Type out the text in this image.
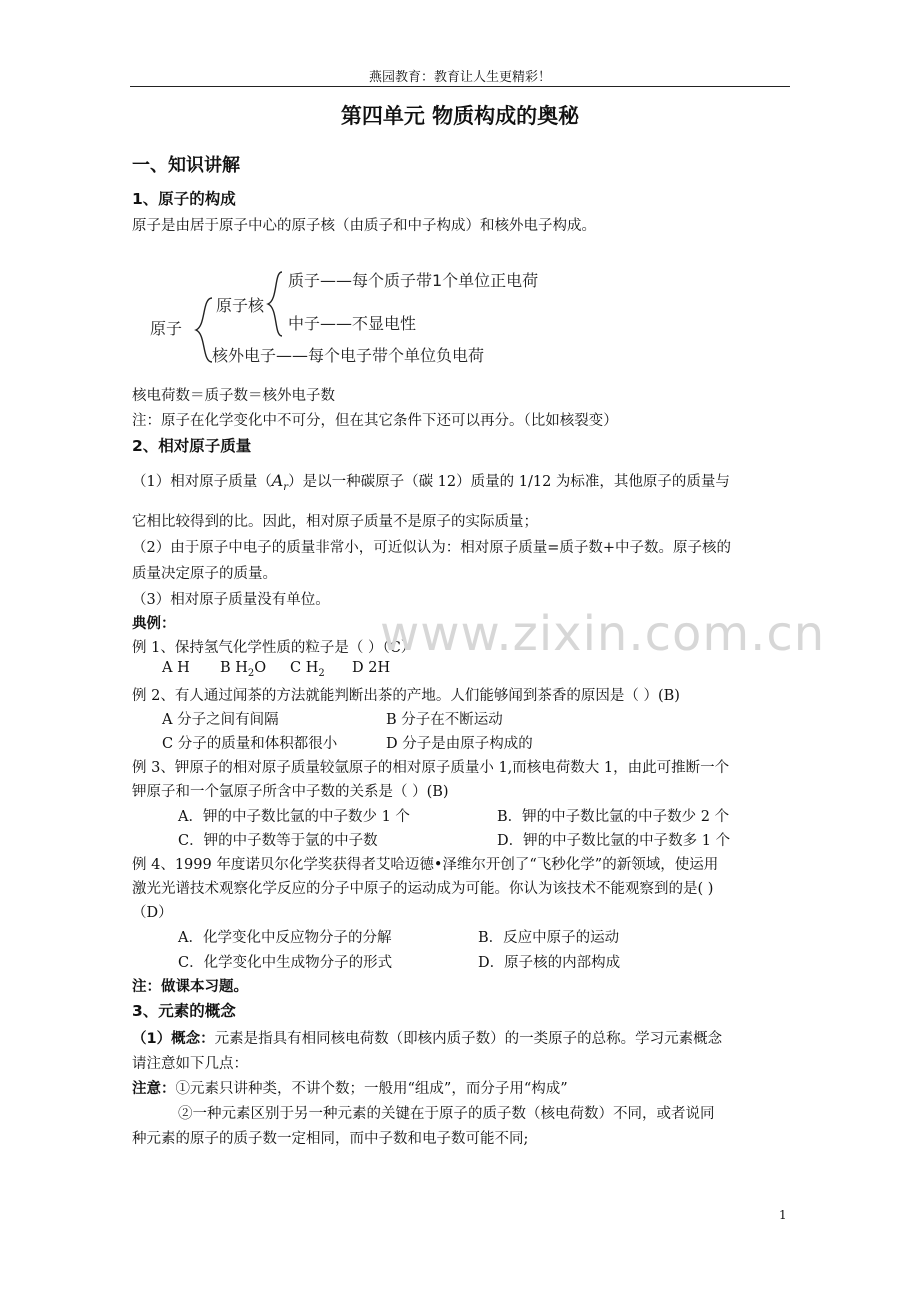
燕园教育：教育让人生更精彩！
第四单元 物质构成的奥秘
一、知识讲解
1、原子的构成
原子是由居于原子中心的原子核（由质子和中子构成）和核外电子构成。
原子
原子核
质子——每个质子带1个单位正电荷
中子——不显电性
核外电子——每个电子带个单位负电荷
核电荷数＝质子数＝核外电子数
注：原子在化学变化中不可分，但在其它条件下还可以再分。（比如核裂变）
2、相对原子质量
（1）相对原子质量$(A_r)$是以一种碳原子（碳 12）质量的 1/12 为标准，其他原子的质量与
它相比较得到的比。因此，相对原子质量不是原子的实际质量；
（2）由于原子中电子的质量非常小，可近似认为：相对原子质量=质子数+中子数。原子核的
质量决定原子的质量。
（3）相对原子质量没有单位。
典例：
例 1、保持氢气化学性质的粒子是（ ）（C）
A H B $H_2O$ C $H_2$ D 2H
例 2、有人通过闻茶的方法就能判断出茶的产地。人们能够闻到茶香的原因是（ ）(B)
A 分子之间有间隔	B 分子在不断运动
C 分子的质量和体积都很小	D 分子是由原子构成的
例 3、钾原子的相对原子质量较氩原子的相对原子质量小 1,而核电荷数大 1，由此可推断一个
钾原子和一个氩原子所含中子数的关系是（ ）(B)
A．钾的中子数比氩的中子数少 1 个	B．钾的中子数比氩的中子数少 2 个
C．钾的中子数等于氩的中子数	D．钾的中子数比氩的中子数多 1 个
例 4、1999 年度诺贝尔化学奖获得者艾哈迈德•泽维尔开创了“飞秒化学”的新领域，使运用
激光光谱技术观察化学反应的分子中原子的运动成为可能。你认为该技术不能观察到的是( )
（D）
A．化学变化中反应物分子的分解	B．反应中原子的运动
C．化学变化中生成物分子的形式	D．原子核的内部构成
注：做课本习题。
3、元素的概念
（1）概念：元素是指具有相同核电荷数（即核内质子数）的一类原子的总称。学习元素概念
请注意如下几点：
注意：①元素只讲种类，不讲个数；一般用“组成”，而分子用“构成”
②一种元素区别于另一种元素的关键在于原子的质子数（核电荷数）不同，或者说同
种元素的原子的质子数一定相同，而中子数和电子数可能不同;
www.zixin.com.cn
1
